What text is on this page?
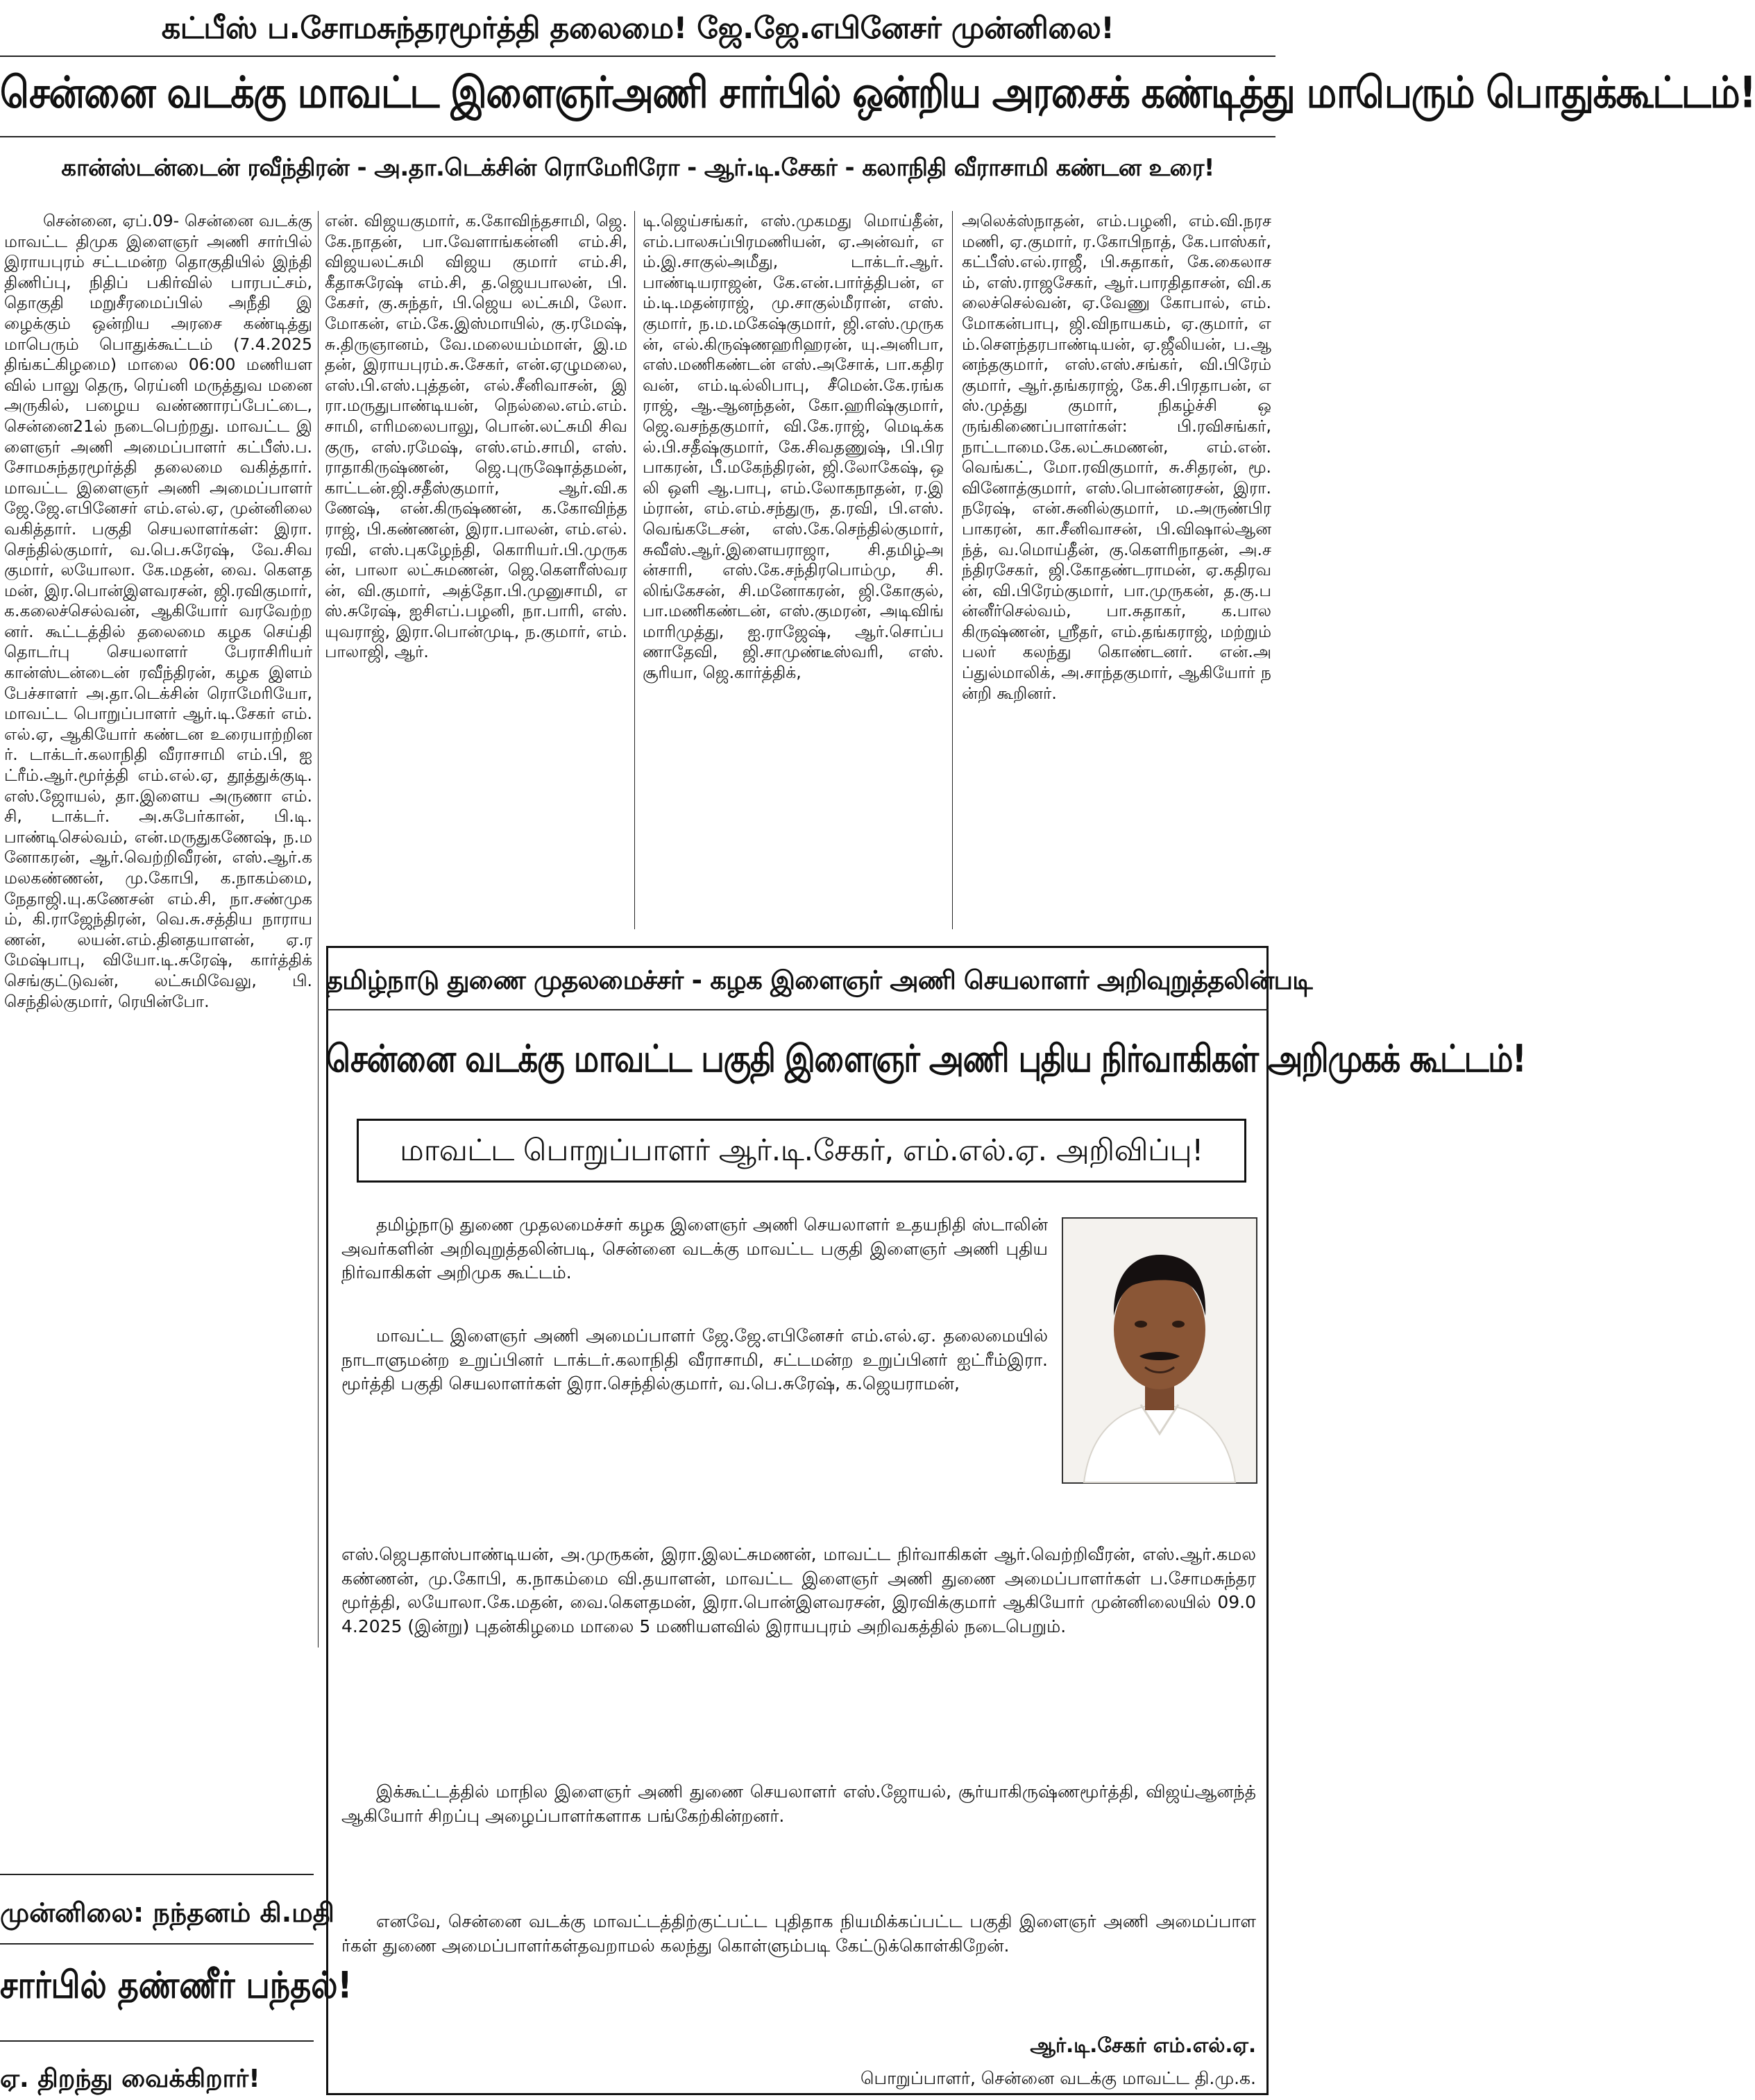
கட்பீஸ் ப.சோமசுந்தரமூர்த்தி தலைமை! ஜே.ஜே.எபினேசர் முன்னிலை!
சென்னை வடக்கு மாவட்ட இளைஞர்அணி சார்பில் ஒன்றிய அரசைக் கண்டித்து மாபெரும் பொதுக்கூட்டம்!
கான்ஸ்டன்டைன் ரவீந்திரன் - அ.தா.டெக்சின் ரொமேரிரோ - ஆர்.டி.சேகர் - கலாநிதி வீராசாமி கண்டன உரை!

சென்னை, ஏப்.09- சென்னை வடக்கு மாவட்ட திமுக இளைஞர் அணி சார்பில் இராயபுரம் சட்டமன்ற தொகுதியில் இந்தி திணிப்பு, நிதிப் பகிர்வில் பாரபட்சம், தொகுதி மறுசீரமைப்பில் அநீதி இழைக்கும் ஒன்றிய அரசை கண்டித்து மாபெரும் பொதுக்கூட்டம் (7.4.2025 திங்கட்கிழமை) மாலை 06:00 மணியளவில் பாலு தெரு, ரெய்னி மருத்துவ மனை அருகில், பழைய வண்ணாரப்பேட்டை, சென்னை21ல் நடைபெற்றது. மாவட்ட இளைஞர் அணி அமைப்பாளர் கட்பீஸ்.ப.சோமசுந்தரமூர்த்தி தலைமை வகித்தார். மாவட்ட இளைஞர் அணி அமைப்பாளர் ஜே.ஜே.எபினேசர் எம்.எல்.ஏ, முன்னிலை வகித்தார். பகுதி செயலாளர்கள்: இரா.செந்தில்குமார், வ.பெ.சுரேஷ், வே.சிவ குமார், லயோலா. கே.மதன், வை. கௌதமன், இர.பொன்இளவரசன், ஜி.ரவிகுமார், க.கலைச்செல்வன், ஆகியோர் வரவேற்றனர். கூட்டத்தில் தலைமை கழக செய்தி தொடர்பு செயலாளர் பேராசிரியர் கான்ஸ்டன்டைன் ரவீந்திரன், கழக இளம் பேச்சாளர் அ.தா.டெக்சின் ரொமேரியோ, மாவட்ட பொறுப்பாளர் ஆர்.டி.சேகர் எம்.எல்.ஏ, ஆகியோர் கண்டன உரையாற்றினர். டாக்டர்.கலாநிதி வீராசாமி எம்.பி, ஐட்ரீம்.ஆர்.மூர்த்தி எம்.எல்.ஏ, தூத்துக்குடி.எஸ்.ஜோயல், தா.இளைய அருணா எம்.சி, டாக்டர். அ.சுபேர்கான், பி.டி.பாண்டிசெல்வம், என்.மருதுகணேஷ், ந.மனோகரன், ஆர்.வெற்றிவீரன், எஸ்.ஆர்.கமலகண்ணன், மு.கோபி, க.நாகம்மை, நேதாஜி.யு.கணேசன் எம்.சி, நா.சண்முகம், கி.ராஜேந்திரன், வெ.சு.சத்திய நாராயணன், லயன்.எம்.தினதயாளன், ஏ.ரமேஷ்பாபு, வியோ.டி.சுரேஷ், கார்த்திக் செங்குட்டுவன், லட்சுமிவேலு, பி.செந்தில்குமார், ரெயின்போ.

என். விஜயகுமார், க.கோவிந்தசாமி, ஜெ.கே.நாதன், பா.வேளாங்கன்னி எம்.சி, விஜயலட்சுமி விஜய குமார் எம்.சி, கீதாசுரேஷ் எம்.சி, த.ஜெயபாலன், பி.கேசர், கு.சுந்தர், பி.ஜெய லட்சுமி, லோ.மோகன், எம்.கே.இஸ்மாயில், கு.ரமேஷ், சு.திருஞானம், வே.மலையம்மாள், இ.மதன், இராயபுரம்.சு.சேகர், என்.ஏழுமலை, எஸ்.பி.எஸ்.புத்தன், எல்.சீனிவாசன், இரா.மருதுபாண்டியன், நெல்லை.எம்.எம்.சாமி, எரிமலைபாலு, பொன்.லட்சுமி சிவகுரு, எஸ்.ரமேஷ், எஸ்.எம்.சாமி, எஸ்.ராதாகிருஷ்ணன், ஜெ.புருஷோத்தமன், காட்டன்.ஜி.சதீஸ்குமார், ஆர்.வி.கணேஷ், என்.கிருஷ்ணன், க.கோவிந்தராஜ், பி.கண்ணன், இரா.பாலன், எம்.எல்.ரவி, எஸ்.புகழேந்தி, கொரியர்.பி.முருகன், பாலா லட்சுமணன், ஜெ.கௌரீஸ்வரன், வி.குமார், அத்தோ.பி.முனுசாமி, எஸ்.சுரேஷ், ஐசிஎப்.பழனி, நா.பாரி, எஸ்.யுவராஜ், இரா.பொன்முடி, ந.குமார், எம்.பாலாஜி, ஆர்.

டி.ஜெய்சங்கர், எஸ்.முகமது மொய்தீன், எம்.பாலசுப்பிரமணியன், ஏ.அன்வர், எம்.இ.சாகுல்அமீது, டாக்டர்.ஆர்.பாண்டியராஜன், கே.என்.பார்த்திபன், எம்.டி.மதன்ராஜ், மு.சாகுல்மீரான், எஸ்.குமார், ந.ம.மகேஷ்குமார், ஜி.எஸ்.முருகன், எல்.கிருஷ்ணஹரிஹரன், யு.அனிபா, எஸ்.மணிகண்டன் எஸ்.அசோக், பா.கதிரவன், எம்.டில்லிபாபு, சீமென்.கே.ரங்கராஜ், ஆ.ஆனந்தன், கோ.ஹரிஷ்குமார், ஜெ.வசந்தகுமார், வி.கே.ராஜ், மெடிக்கல்.பி.சதீஷ்குமார், கே.சிவதணுஷ், பி.பிரபாகரன், பீ.மகேந்திரன், ஜி.லோகேஷ், ஒலி ஒளி ஆ.பாபு, எம்.லோகநாதன், ர.இம்ரான், எம்.எம்.சந்துரு, த.ரவி, பி.எஸ்.வெங்கடேசன், எஸ்.கே.செந்தில்குமார், சுவீஸ்.ஆர்.இளையராஜா, சி.தமிழ்அன்சாரி, எஸ்.கே.சந்திரபொம்மு, சி.லிங்கேசன், சி.மனோகரன், ஜி.கோகுல், பா.மணிகண்டன், எஸ்.குமரன், அடிவிங் மாரிமுத்து, ஐ.ராஜேஷ், ஆர்.சொப்பணாதேவி, ஜி.சாமுண்டீஸ்வரி, எஸ்.சூரியா, ஜெ.கார்த்திக்,

அலெக்ஸ்நாதன், எம்.பழனி, எம்.வி.நரசமணி, ஏ.குமார், ர.கோபிநாத், கே.பாஸ்கர், கட்பீஸ்.எல்.ராஜீ, பி.சுதாகர், கே.கைலாசம், எஸ்.ராஜசேகர், ஆர்.பாரதிதாசன், வி.கலைச்செல்வன், ஏ.வேணு கோபால், எம்.மோகன்பாபு, ஜி.விநாயகம், ஏ.குமார், எம்.சௌந்தரபாண்டியன், ஏ.ஜீலியன், ப.ஆனந்தகுமார், எஸ்.எஸ்.சங்கர், வி.பிரேம் குமார், ஆர்.தங்கராஜ், கே.சி.பிரதாபன், எஸ்.முத்து குமார், நிகழ்ச்சி ஒருங்கிணைப்பாளர்கள்: பி.ரவிசங்கர், நாட்டாமை.கே.லட்சுமணன், எம்.என்.வெங்கட், மோ.ரவிகுமார், சு.சிதரன், மூ.வினோத்குமார், எஸ்.பொன்னரசன், இரா.நரேஷ், என்.சுனில்குமார், ம.அருண்பிரபாகரன், கா.சீனிவாசன், பி.விஷால்ஆனந்த், வ.மொய்தீன், கு.கௌரிநாதன், அ.சந்திரசேகர், ஜி.கோதண்டராமன், ஏ.கதிரவன், வி.பிரேம்குமார், பா.முருகன், த.கு.பன்னீர்செல்வம், பா.சுதாகர், க.பாலகிருஷ்ணன், ஸ்ரீதர், எம்.தங்கராஜ், மற்றும் பலர் கலந்து கொண்டனர். என்.அப்துல்மாலிக், அ.சாந்தகுமார், ஆகியோர் நன்றி கூறினர்.

தமிழ்நாடு துணை முதலமைச்சர் - கழக இளைஞர் அணி செயலாளர் அறிவுறுத்தலின்படி
சென்னை வடக்கு மாவட்ட பகுதி இளைஞர் அணி புதிய நிர்வாகிகள் அறிமுகக் கூட்டம்!
மாவட்ட பொறுப்பாளர் ஆர்.டி.சேகர், எம்.எல்.ஏ. அறிவிப்பு!

தமிழ்நாடு துணை முதலமைச்சர் கழக இளைஞர் அணி செயலாளர் உதயநிதி ஸ்டாலின் அவர்களின் அறிவுறுத்தலின்படி, சென்னை வடக்கு மாவட்ட பகுதி இளைஞர் அணி புதிய நிர்வாகிகள் அறிமுக கூட்டம்.

மாவட்ட இளைஞர் அணி அமைப்பாளர் ஜே.ஜே.எபினேசர் எம்.எல்.ஏ. தலைமையில் நாடாளுமன்ற உறுப்பினர் டாக்டர்.கலாநிதி வீராசாமி, சட்டமன்ற உறுப்பினர் ஐட்ரீம்இரா.மூர்த்தி பகுதி செயலாளர்கள் இரா.செந்தில்குமார், வ.பெ.சுரேஷ், க.ஜெயராமன்,

எஸ்.ஜெபதாஸ்பாண்டியன், அ.முருகன், இரா.இலட்சுமணன், மாவட்ட நிர்வாகிகள் ஆர்.வெற்றிவீரன், எஸ்.ஆர்.கமலகண்ணன், மு.கோபி, க.நாகம்மை வி.தயாளன், மாவட்ட இளைஞர் அணி துணை அமைப்பாளர்கள் ப.சோமசுந்தரமூர்த்தி, லயோலா.கே.மதன், வை.கௌதமன், இரா.பொன்இளவரசன், இரவிக்குமார் ஆகியோர் முன்னிலையில் 09.04.2025 (இன்று) புதன்கிழமை மாலை 5 மணியளவில் இராயபுரம் அறிவகத்தில் நடைபெறும்.

இக்கூட்டத்தில் மாநில இளைஞர் அணி துணை செயலாளர் எஸ்.ஜோயல், சூர்யாகிருஷ்ணமூர்த்தி, விஜய்ஆனந்த் ஆகியோர் சிறப்பு அழைப்பாளர்களாக பங்கேற்கின்றனர்.

எனவே, சென்னை வடக்கு மாவட்டத்திற்குட்பட்ட புதிதாக நியமிக்கப்பட்ட பகுதி இளைஞர் அணி அமைப்பாளர்கள் துணை அமைப்பாளர்கள்தவறாமல் கலந்து கொள்ளும்படி கேட்டுக்கொள்கிறேன்.

ஆர்.டி.சேகர் எம்.எல்.ஏ.
பொறுப்பாளர், சென்னை வடக்கு மாவட்ட தி.மு.க.
முன்னிலை: நந்தனம் கி.மதி
சார்பில் தண்ணீர் பந்தல்!
ஏ. திறந்து வைக்கிறார்!
